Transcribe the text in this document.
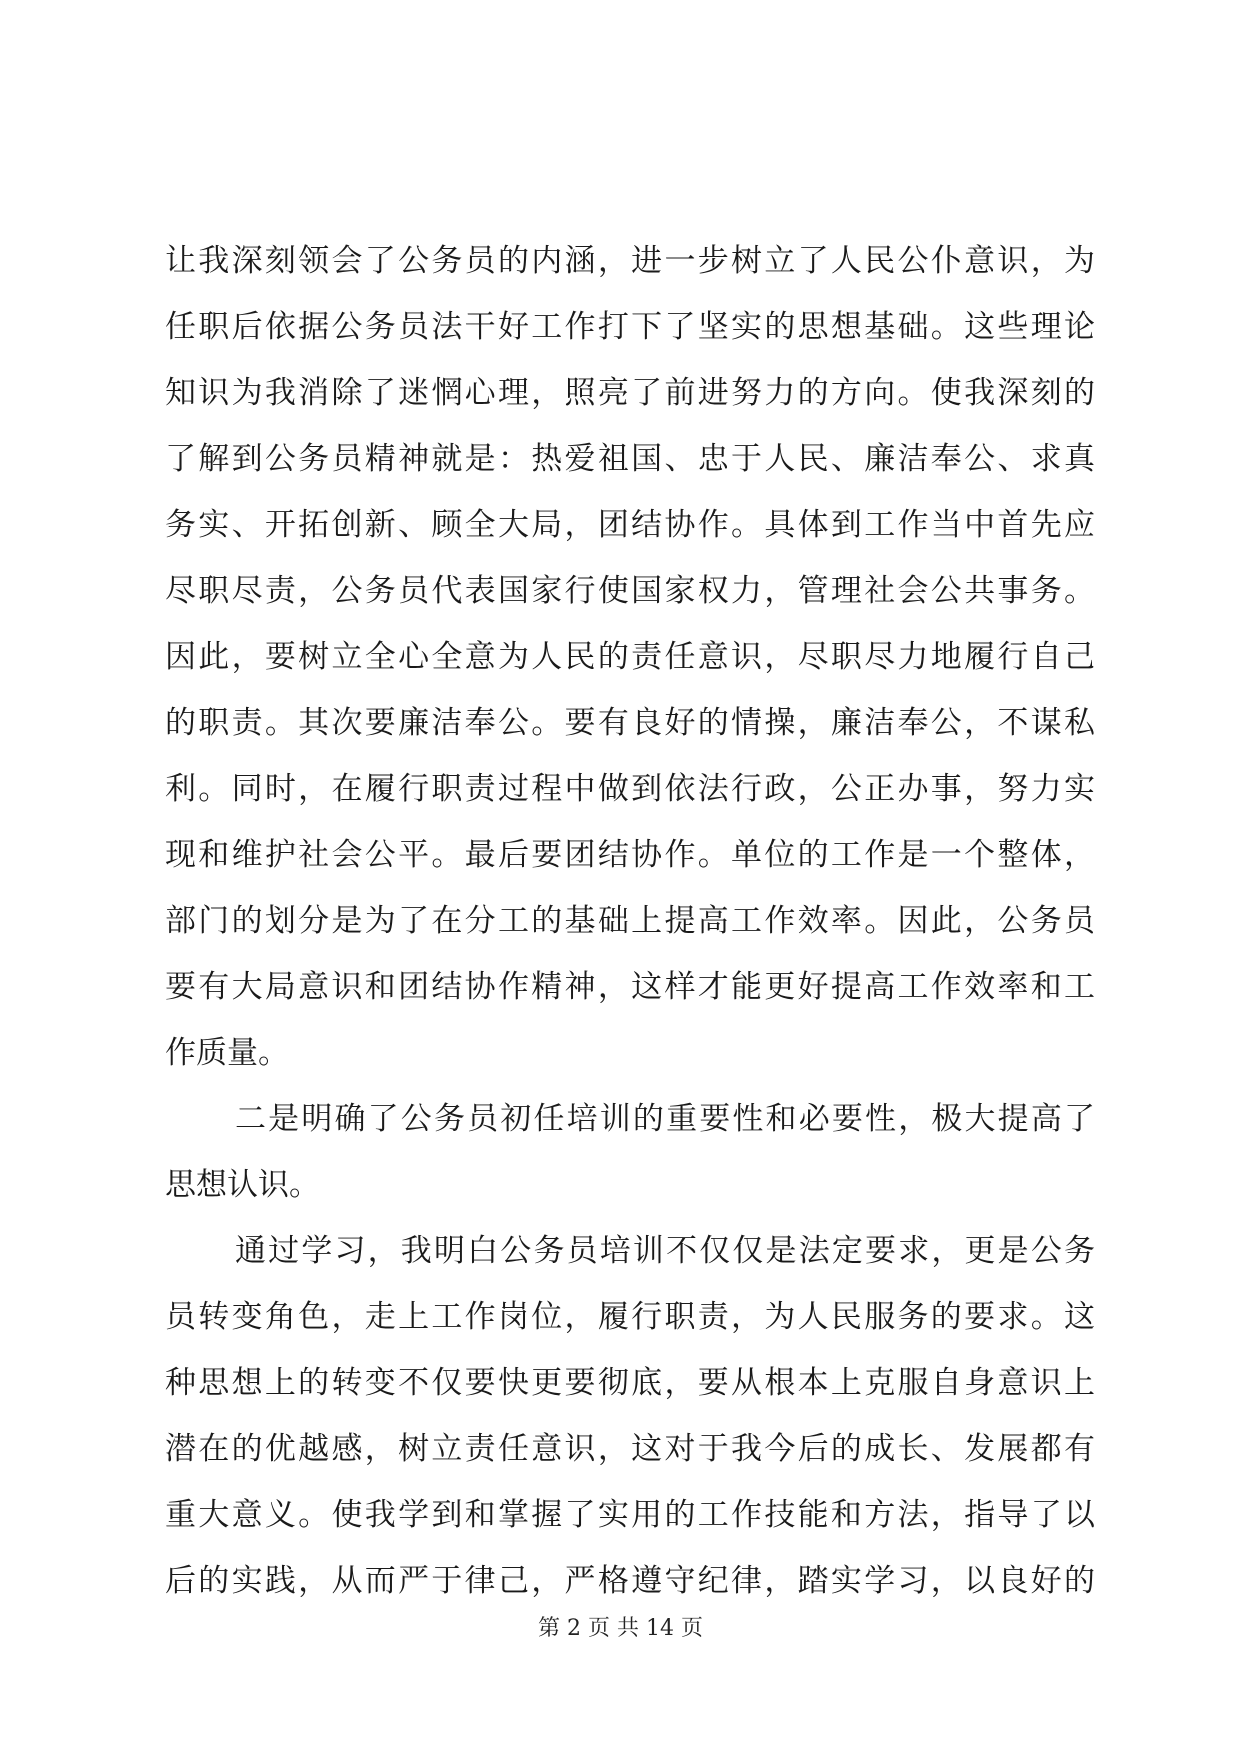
让我深刻领会了公务员的内涵，进一步树立了人民公仆意识，为
任职后依据公务员法干好工作打下了坚实的思想基础。这些理论
知识为我消除了迷惘心理，照亮了前进努力的方向。使我深刻的
了解到公务员精神就是：热爱祖国、忠于人民、廉洁奉公、求真
务实、开拓创新、顾全大局，团结协作。具体到工作当中首先应
尽职尽责，公务员代表国家行使国家权力，管理社会公共事务。
因此，要树立全心全意为人民的责任意识，尽职尽力地履行自己
的职责。其次要廉洁奉公。要有良好的情操，廉洁奉公，不谋私
利。同时，在履行职责过程中做到依法行政，公正办事，努力实
现和维护社会公平。最后要团结协作。单位的工作是一个整体，
部门的划分是为了在分工的基础上提高工作效率。因此，公务员
要有大局意识和团结协作精神，这样才能更好提高工作效率和工
作质量。
二是明确了公务员初任培训的重要性和必要性，极大提高了
思想认识。
通过学习，我明白公务员培训不仅仅是法定要求，更是公务
员转变角色，走上工作岗位，履行职责，为人民服务的要求。这
种思想上的转变不仅要快更要彻底，要从根本上克服自身意识上
潜在的优越感，树立责任意识，这对于我今后的成长、发展都有
重大意义。使我学到和掌握了实用的工作技能和方法，指导了以
后的实践，从而严于律己，严格遵守纪律，踏实学习，以良好的
第 2 页 共 14 页
